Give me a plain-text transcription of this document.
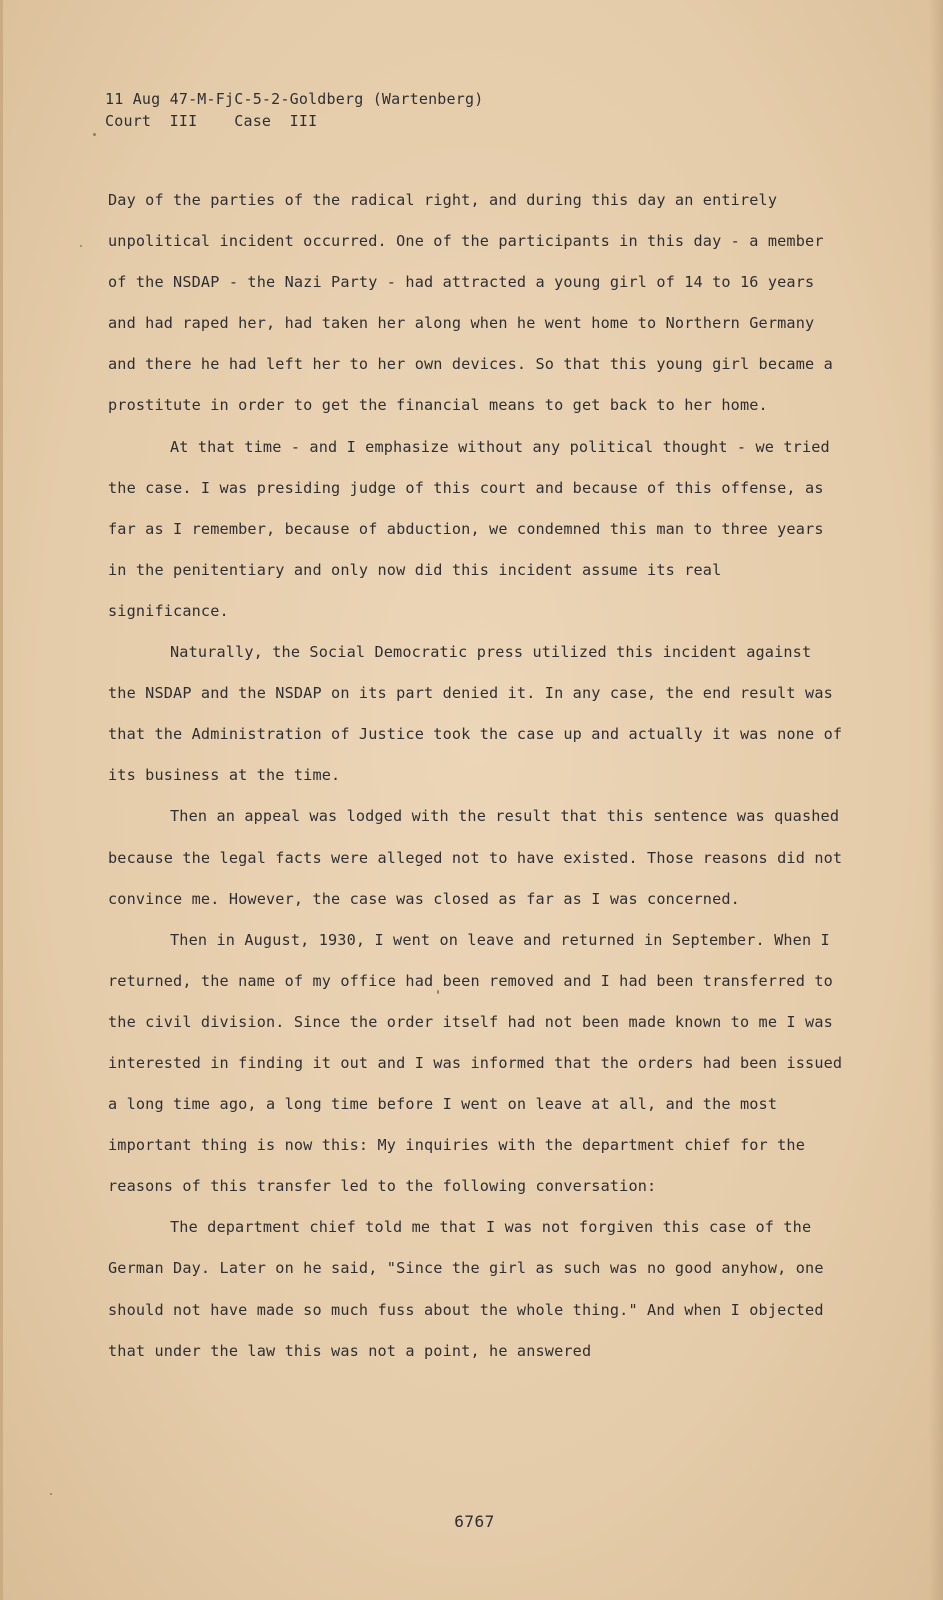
11 Aug 47-M-FjC-5-2-Goldberg (Wartenberg)
Court  III    Case  III

Day of the parties of the radical right, and during this day an entirely unpolitical incident occurred. One of the participants in this day - a member of the NSDAP - the Nazi Party - had attracted a young girl of 14 to 16 years and had raped her, had taken her along when he went home to Northern Germany and there he had left her to her own devices. So that this young girl became a prostitute in order to get the financial means to get back to her home.

At that time - and I emphasize without any political thought - we tried the case. I was presiding judge of this court and because of this offense, as far as I remember, because of abduction, we condemned this man to three years in the penitentiary and only now did this incident assume its real significance.

Naturally, the Social Democratic press utilized this incident against the NSDAP and the NSDAP on its part denied it. In any case, the end result was that the Administration of Justice took the case up and actually it was none of its business at the time.

Then an appeal was lodged with the result that this sentence was quashed because the legal facts were alleged not to have existed. Those reasons did not convince me. However, the case was closed as far as I was concerned.

Then in August, 1930, I went on leave and returned in September. When I returned, the name of my office had been removed and I had been transferred to the civil division. Since the order itself had not been made known to me I was interested in finding it out and I was informed that the orders had been issued a long time ago, a long time before I went on leave at all, and the most important thing is now this: My inquiries with the department chief for the reasons of this transfer led to the following conversation:

The department chief told me that I was not forgiven this case of the German Day. Later on he said, "Since the girl as such was no good anyhow, one should not have made so much fuss about the whole thing." And when I objected that under the law this was not a point, he answered

6767
